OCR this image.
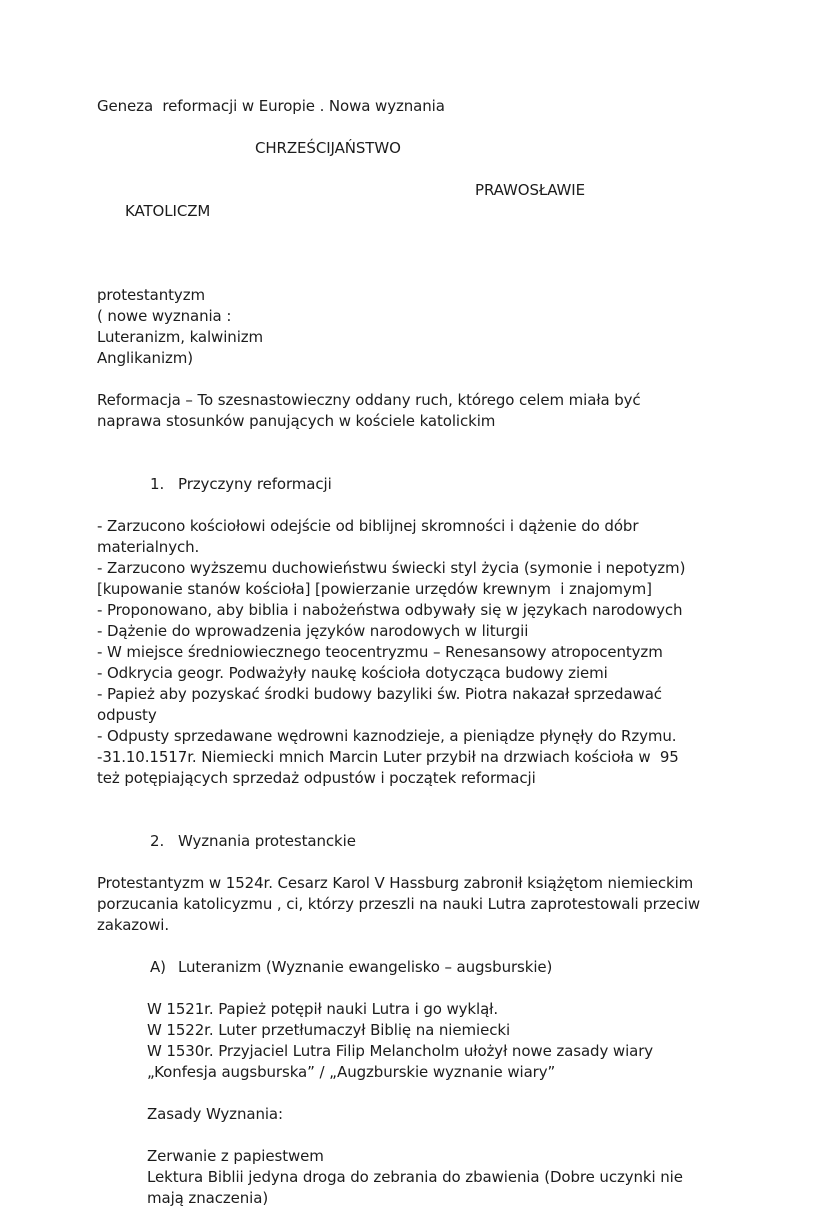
Geneza  reformacji w Europie . Nowa wyznania
CHRZEŚCIJAŃSTWO

KATOLICZM

PRAWOSŁAWIE

protestantyzm
( nowe wyznania :
Luteranizm, kalwinizm
Anglikanizm)
Reformacja – To szesnastowieczny oddany ruch, którego celem miała być
naprawa stosunków panujących w kościele katolickim

1. Przyczyny reformacji

- Zarzucono kościołowi odejście od biblijnej skromności i dążenie do dóbr
materialnych.
- Zarzucono wyższemu duchowieństwu świecki styl życia (symonie i nepotyzm)
[kupowanie stanów kościoła] [powierzanie urzędów krewnym  i znajomym]
- Proponowano, aby biblia i nabożeństwa odbywały się w językach narodowych
- Dążenie do wprowadzenia języków narodowych w liturgii
- W miejsce średniowiecznego teocentryzmu – Renesansowy atropocentyzm
- Odkrycia geogr. Podważyły naukę kościoła dotycząca budowy ziemi
- Papież aby pozyskać środki budowy bazyliki św. Piotra nakazał sprzedawać
odpusty
- Odpusty sprzedawane wędrowni kaznodzieje, a pieniądze płynęły do Rzymu.
-31.10.1517r. Niemiecki mnich Marcin Luter przybił na drzwiach kościoła w  95
też potępiających sprzedaż odpustów i początek reformacji

2. Wyznania protestanckie

Protestantyzm w 1524r. Cesarz Karol V Hassburg zabronił książętom niemieckim
porzucania katolicyzmu , ci, którzy przeszli na nauki Lutra zaprotestowali przeciw
zakazowi.

A) Luteranizm (Wyznanie ewangelisko – augsburskie)

W 1521r. Papież potępił nauki Lutra i go wyklął.
W 1522r. Luter przetłumaczył Biblię na niemiecki
W 1530r. Przyjaciel Lutra Filip Melancholm ułożył nowe zasady wiary
„Konfesja augsburska” / „Augzburskie wyznanie wiary”
Zasady Wyznania:
Zerwanie z papiestwem
Lektura Biblii jedyna droga do zebrania do zbawienia (Dobre uczynki nie
mają znaczenia)
